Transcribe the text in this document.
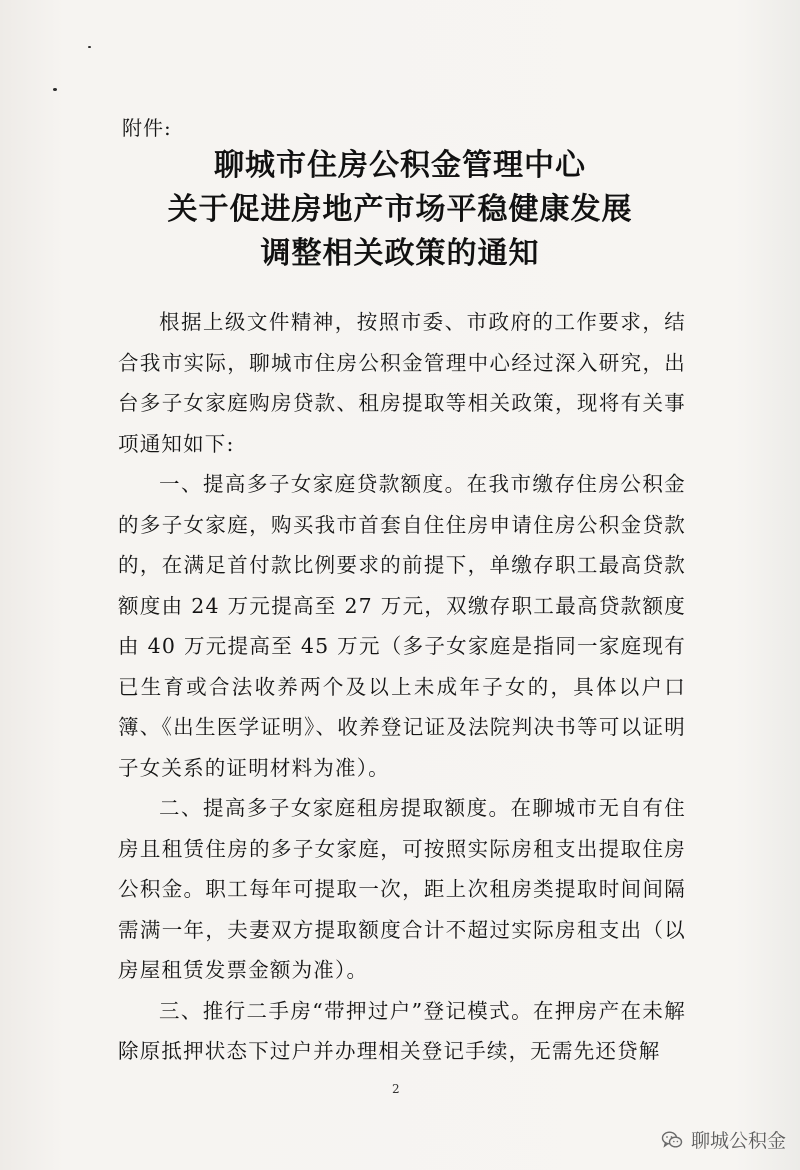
附件:
聊城市住房公积金管理中心
关于促进房地产市场平稳健康发展
调整相关政策的通知

根据上级文件精神，按照市委、市政府的工作要求，结合我市实际，聊城市住房公积金管理中心经过深入研究，出台多子女家庭购房贷款、租房提取等相关政策，现将有关事项通知如下:

一、提高多子女家庭贷款额度。在我市缴存住房公积金的多子女家庭，购买我市首套自住住房申请住房公积金贷款的，在满足首付款比例要求的前提下，单缴存职工最高贷款额度由 24 万元提高至 27 万元，双缴存职工最高贷款额度由 40 万元提高至 45 万元（多子女家庭是指同一家庭现有已生育或合法收养两个及以上未成年子女的，具体以户口簿、《出生医学证明》、收养登记证及法院判决书等可以证明子女关系的证明材料为准）。

二、提高多子女家庭租房提取额度。在聊城市无自有住房且租赁住房的多子女家庭，可按照实际房租支出提取住房公积金。职工每年可提取一次，距上次租房类提取时间间隔需满一年，夫妻双方提取额度合计不超过实际房租支出（以房屋租赁发票金额为准）。

三、推行二手房“带押过户”登记模式。在押房产在未解除原抵押状态下过户并办理相关登记手续，无需先还贷解

2
聊城公积金
